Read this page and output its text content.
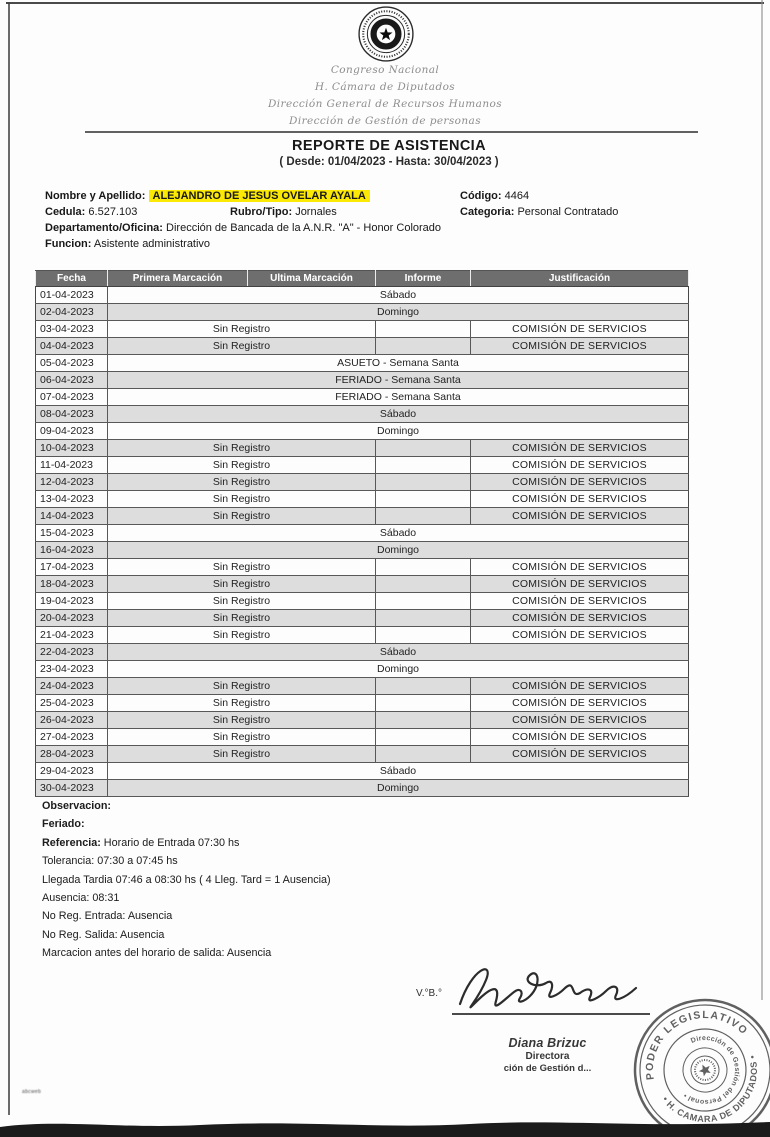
Congreso Nacional
H. Cámara de Diputados
Dirección General de Recursos Humanos
Dirección de Gestión de personas
REPORTE DE ASISTENCIA
( Desde: 01/04/2023 - Hasta: 30/04/2023 )
Nombre y Apellido: ALEJANDRO DE JESUS OVELAR AYALA	Código: 4464
Cedula: 6.527.103	Rubro/Tipo: Jornales	Categoria: Personal Contratado
Departamento/Oficina: Dirección de Bancada de la A.N.R. "A" - Honor Colorado
Funcion: Asistente administrativo
Fecha	Primera Marcación	Ultima Marcación	Informe	Justificación
01-04-2023	Sábado			
02-04-2023	Domingo			
03-04-2023	Sin Registro			COMISIÓN DE SERVICIOS
04-04-2023	Sin Registro			COMISIÓN DE SERVICIOS
05-04-2023	ASUETO - Semana Santa			
06-04-2023	FERIADO - Semana Santa			
07-04-2023	FERIADO - Semana Santa			
08-04-2023	Sábado			
09-04-2023	Domingo			
10-04-2023	Sin Registro			COMISIÓN DE SERVICIOS
11-04-2023	Sin Registro			COMISIÓN DE SERVICIOS
12-04-2023	Sin Registro			COMISIÓN DE SERVICIOS
13-04-2023	Sin Registro			COMISIÓN DE SERVICIOS
14-04-2023	Sin Registro			COMISIÓN DE SERVICIOS
15-04-2023	Sábado			
16-04-2023	Domingo			
17-04-2023	Sin Registro			COMISIÓN DE SERVICIOS
18-04-2023	Sin Registro			COMISIÓN DE SERVICIOS
19-04-2023	Sin Registro			COMISIÓN DE SERVICIOS
20-04-2023	Sin Registro			COMISIÓN DE SERVICIOS
21-04-2023	Sin Registro			COMISIÓN DE SERVICIOS
22-04-2023	Sábado			
23-04-2023	Domingo			
24-04-2023	Sin Registro			COMISIÓN DE SERVICIOS
25-04-2023	Sin Registro			COMISIÓN DE SERVICIOS
26-04-2023	Sin Registro			COMISIÓN DE SERVICIOS
27-04-2023	Sin Registro			COMISIÓN DE SERVICIOS
28-04-2023	Sin Registro			COMISIÓN DE SERVICIOS
29-04-2023	Sábado			
30-04-2023	Domingo			
Observacion:
Feriado:
Referencia: Horario de Entrada 07:30 hs
Tolerancia: 07:30 a 07:45 hs
Llegada Tardia 07:46 a 08:30 hs ( 4 Lleg. Tard = 1 Ausencia)
Ausencia: 08:31
No Reg. Entrada: Ausencia
No Reg. Salida: Ausencia
Marcacion antes del horario de salida: Ausencia
V.°B.°
Diana Brizuc
Directora
ción de Gestión d...
PODER LEGISLATIVO
• H. CAMARA DE DIPUTADOS •
Dirección de Gestión del Personal •
abcweb
